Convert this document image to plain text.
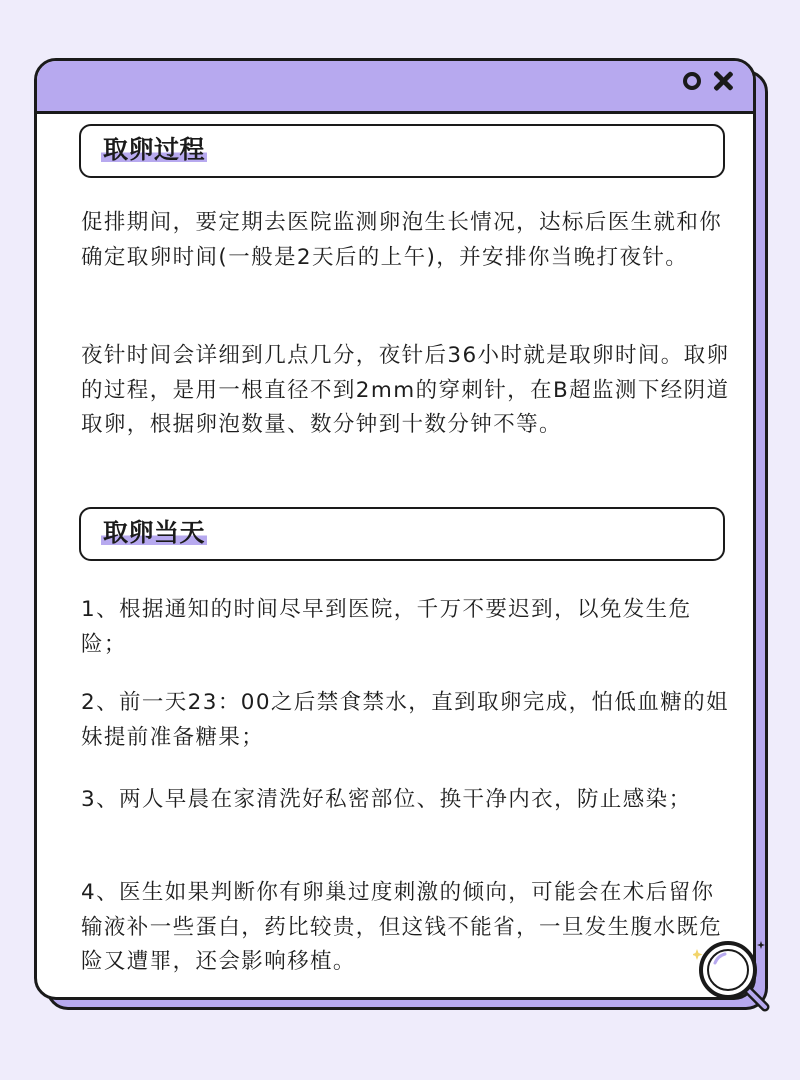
取卵过程

促排期间，要定期去医院监测卵泡生长情况，达标后医生就和你确定取卵时间(一般是2天后的上午)，并安排你当晚打夜针。

夜针时间会详细到几点几分，夜针后36小时就是取卵时间。取卵的过程，是用一根直径不到2mm的穿刺针，在B超监测下经阴道取卵，根据卵泡数量、数分钟到十数分钟不等。

取卵当天

1、根据通知的时间尽早到医院，千万不要迟到，以免发生危险；

2、前一天23：00之后禁食禁水，直到取卵完成，怕低血糖的姐妹提前准备糖果；

3、两人早晨在家清洗好私密部位、换干净内衣，防止感染；

4、医生如果判断你有卵巢过度刺激的倾向，可能会在术后留你输液补一些蛋白，药比较贵，但这钱不能省，一旦发生腹水既危险又遭罪，还会影响移植。
